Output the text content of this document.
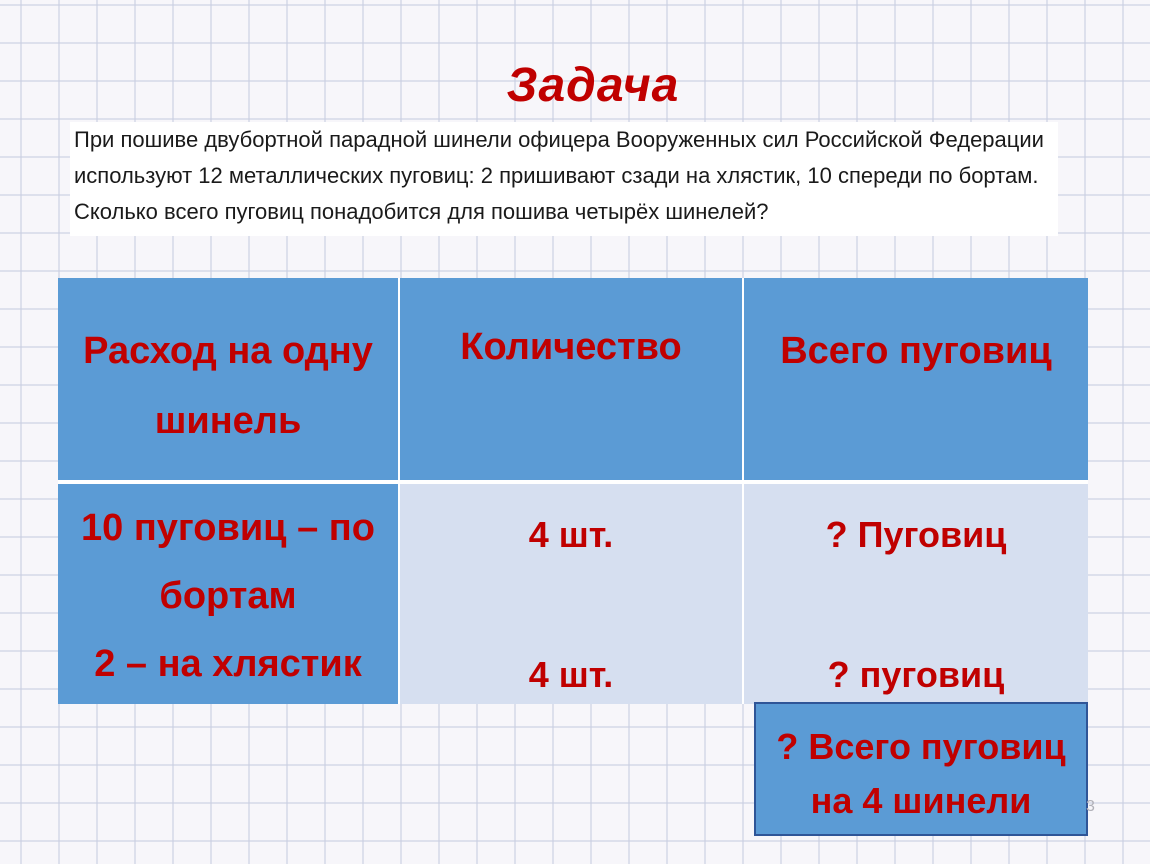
Задача
При пошиве двубортной парадной шинели офицера Вооруженных сил Российской Федерации используют 12 металлических пуговиц: 2 пришивают сзади на хлястик, 10 спереди по бортам. Сколько всего пуговиц понадобится для пошива четырёх шинелей?
Расход на одну шинель
Количество	Всего пуговиц
10 пуговиц – по бортам
2 – на хлястик
4 шт.
4 шт.
? Пуговиц
? пуговиц
? Всего пуговиц на 4 шинели	3
